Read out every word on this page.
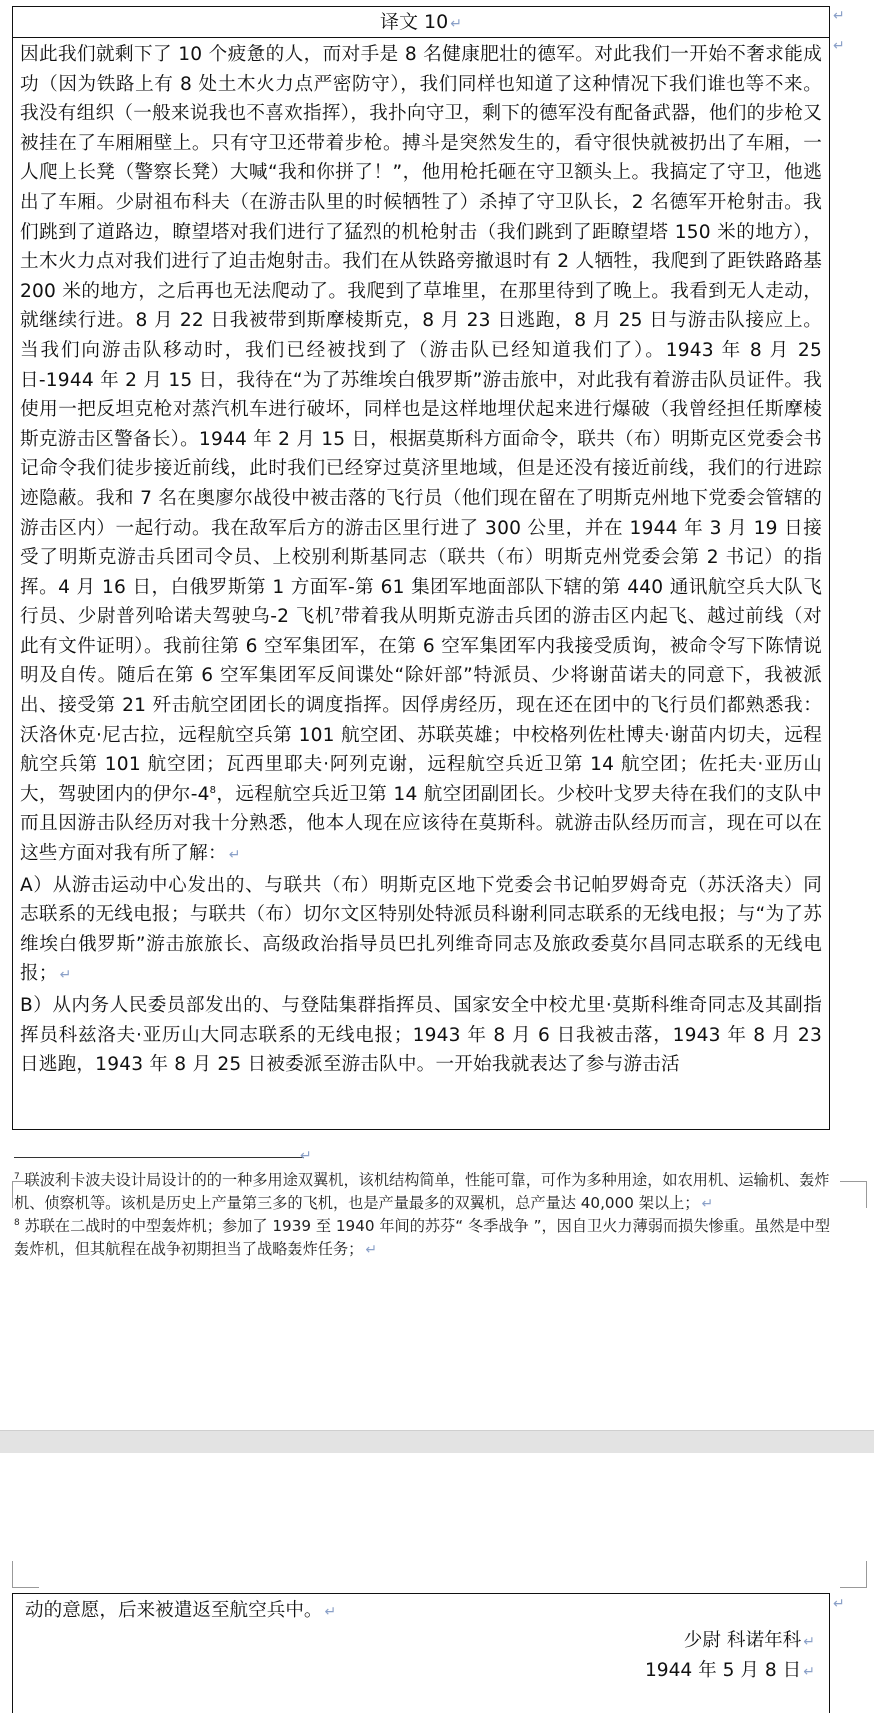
译文 10 ↵

因此我们就剩下了 10 个疲惫的人，而对手是 8 名健康肥壮的德军。对此我们一开始不奢求能成功（因为铁路上有 8 处土木火力点严密防守），我们同样也知道了这种情况下我们谁也等不来。我没有组织（一般来说我也不喜欢指挥），我扑向守卫，剩下的德军没有配备武器，他们的步枪又被挂在了车厢厢壁上。只有守卫还带着步枪。搏斗是突然发生的，看守很快就被扔出了车厢，一人爬上长凳（警察长凳）大喊“我和你拼了！”，他用枪托砸在守卫额头上。我搞定了守卫，他逃出了车厢。少尉祖布科夫（在游击队里的时候牺牲了）杀掉了守卫队长，2 名德军开枪射击。我们跳到了道路边，瞭望塔对我们进行了猛烈的机枪射击（我们跳到了距瞭望塔 150 米的地方），土木火力点对我们进行了迫击炮射击。我们在从铁路旁撤退时有 2 人牺牲，我爬到了距铁路路基 200 米的地方，之后再也无法爬动了。我爬到了草堆里，在那里待到了晚上。我看到无人走动，就继续行进。8 月 22 日我被带到斯摩棱斯克，8 月 23 日逃跑，8 月 25 日与游击队接应上。当我们向游击队移动时，我们已经被找到了（游击队已经知道我们了）。1943 年 8 月 25 日-1944 年 2 月 15 日，我待在“为了苏维埃白俄罗斯”游击旅中，对此我有着游击队员证件。我使用一把反坦克枪对蒸汽机车进行破坏，同样也是这样地埋伏起来进行爆破（我曾经担任斯摩棱斯克游击区警备长）。1944 年 2 月 15 日，根据莫斯科方面命令，联共（布）明斯克区党委会书记命令我们徒步接近前线，此时我们已经穿过莫济里地域，但是还没有接近前线，我们的行进踪迹隐蔽。我和 7 名在奥廖尔战役中被击落的飞行员（他们现在留在了明斯克州地下党委会管辖的游击区内）一起行动。我在敌军后方的游击区里行进了 300 公里，并在 1944 年 3 月 19 日接受了明斯克游击兵团司令员、上校别利斯基同志（联共（布）明斯克州党委会第 2 书记）的指挥。4 月 16 日，白俄罗斯第 1 方面军-第 61 集团军地面部队下辖的第 440 通讯航空兵大队飞行员、少尉普列哈诺夫驾驶乌-2 飞机$^7$带着我从明斯克游击兵团的游击区内起飞、越过前线（对此有文件证明）。我前往第 6 空军集团军，在第 6 空军集团军内我接受质询，被命令写下陈情说明及自传。随后在第 6 空军集团军反间谍处“除奸部”特派员、少将谢苗诺夫的同意下，我被派出、接受第 21 歼击航空团团长的调度指挥。因俘虏经历，现在还在团中的飞行员们都熟悉我：沃洛休克·尼古拉，远程航空兵第 101 航空团、苏联英雄；中校格列佐杜博夫·谢苗内切夫，远程航空兵第 101 航空团；瓦西里耶夫·阿列克谢，远程航空兵近卫第 14 航空团；佐托夫·亚历山大，驾驶团内的伊尔$-4^8$，远程航空兵近卫第 14 航空团副团长。少校叶戈罗夫待在我们的支队中而且因游击队经历对我十分熟悉，他本人现在应该待在莫斯科。就游击队经历而言，现在可以在这些方面对我有所了解： ↵

A）从游击运动中心发出的、与联共（布）明斯克区地下党委会书记帕罗姆奇克（苏沃洛夫）同志联系的无线电报；与联共（布）切尔文区特别处特派员科谢利同志联系的无线电报；与“为了苏维埃白俄罗斯”游击旅旅长、高级政治指导员巴扎列维奇同志及旅政委莫尔昌同志联系的无线电报； ↵

B）从内务人民委员部发出的、与登陆集群指挥员、国家安全中校尤里·莫斯科维奇同志及其副指挥员科兹洛夫·亚历山大同志联系的无线电报；1943 年 8 月 6 日我被击落，1943 年 8 月 23 日逃跑，1943 年 8 月 25 日被委派至游击队中。一开始我就表达了参与游击活

↵
↵
↵

$^7$ 联波利卡波夫设计局设计的的一种多用途双翼机，该机结构简单，性能可靠，可作为多种用途，如农用机、运输机、轰炸机、侦察机等。该机是历史上产量第三多的飞机，也是产量最多的双翼机，总产量达 40,000 架以上； ↵

$^8$ 苏联在二战时的中型轰炸机；参加了 1939 至 1940 年间的苏芬“ 冬季战争 ”，因自卫火力薄弱而损失惨重。虽然是中型轰炸机，但其航程在战争初期担当了战略轰炸任务； ↵

动的意愿，后来被遣返至航空兵中。 ↵
少尉 科诺年科 ↵
1944 年 5 月 8 日 ↵
↵
